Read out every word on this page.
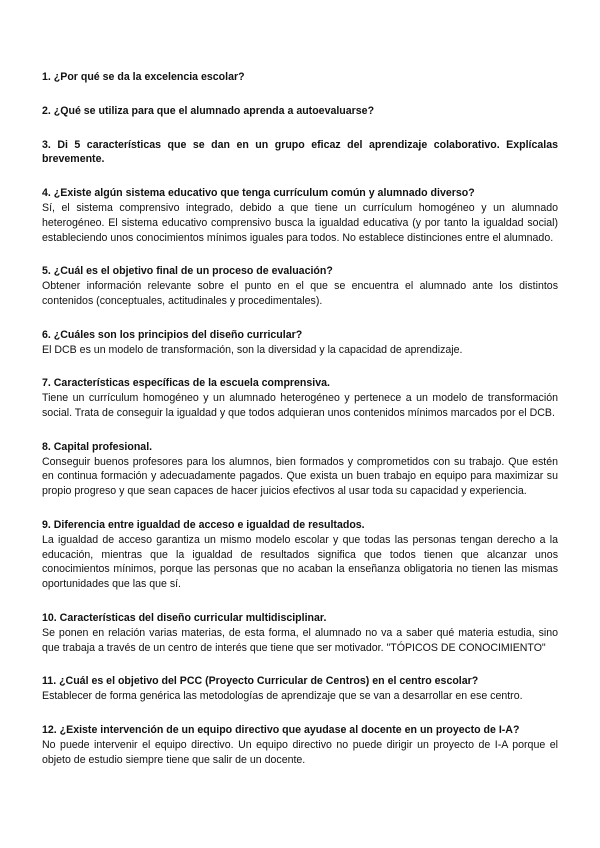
1. ¿Por qué se da la excelencia escolar?

2. ¿Qué se utiliza para que el alumnado aprenda a autoevaluarse?

3. Di 5 características que se dan en un grupo eficaz del aprendizaje colaborativo. Explícalas brevemente.

4. ¿Existe algún sistema educativo que tenga currículum común y alumnado diverso?

Sí, el sistema comprensivo integrado, debido a que tiene un currículum homogéneo y un alumnado heterogéneo. El sistema educativo comprensivo busca la igualdad educativa (y por tanto la igualdad social) estableciendo unos conocimientos mínimos iguales para todos. No establece distinciones entre el alumnado.

5. ¿Cuál es el objetivo final de un proceso de evaluación?

Obtener información relevante sobre el punto en el que se encuentra el alumnado ante los distintos contenidos (conceptuales, actitudinales y procedimentales).

6. ¿Cuáles son los principios del diseño curricular?

El DCB es un modelo de transformación, son la diversidad y la capacidad de aprendizaje.

7. Características específicas de la escuela comprensiva.

Tiene un currículum homogéneo y un alumnado heterogéneo y pertenece a un modelo de transformación social. Trata de conseguir la igualdad y que todos adquieran unos contenidos mínimos marcados por el DCB.

8. Capital profesional.

Conseguir buenos profesores para los alumnos, bien formados y comprometidos con su trabajo. Que estén en continua formación y adecuadamente pagados. Que exista un buen trabajo en equipo para maximizar su propio progreso y que sean capaces de hacer juicios efectivos al usar toda su capacidad y experiencia.

9. Diferencia entre igualdad de acceso e igualdad de resultados.

La igualdad de acceso garantiza un mismo modelo escolar y que todas las personas tengan derecho a la educación, mientras que la igualdad de resultados significa que todos tienen que alcanzar unos conocimientos mínimos, porque las personas que no acaban la enseñanza obligatoria no tienen las mismas oportunidades que las que sí.

10. Características del diseño curricular multidisciplinar.

Se ponen en relación varias materias, de esta forma, el alumnado no va a saber qué materia estudia, sino que trabaja a través de un centro de interés que tiene que ser motivador. "TÓPICOS DE CONOCIMIENTO"

11. ¿Cuál es el objetivo del PCC (Proyecto Curricular de Centros) en el centro escolar?

Establecer de forma genérica las metodologías de aprendizaje que se van a desarrollar en ese centro.

12. ¿Existe intervención de un equipo directivo que ayudase al docente en un proyecto de I-A?

No puede intervenir el equipo directivo. Un equipo directivo no puede dirigir un proyecto de I-A porque el objeto de estudio siempre tiene que salir de un docente.
